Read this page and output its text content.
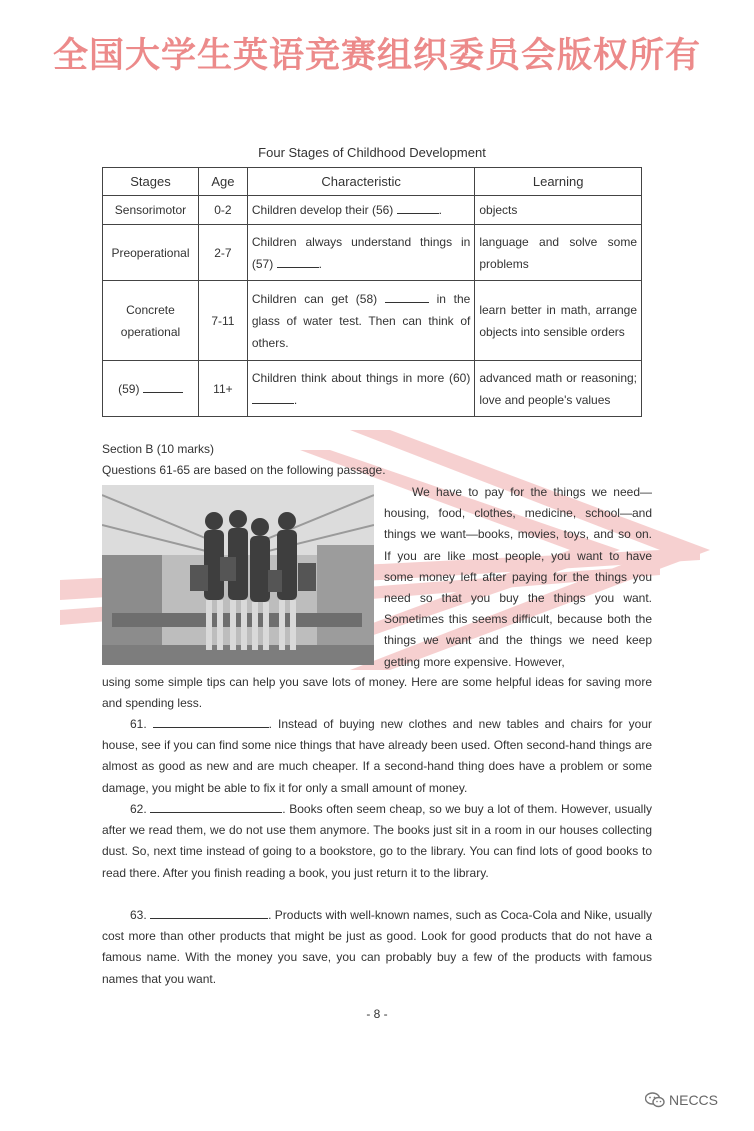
全国大学生英语竞赛组织委员会版权所有
Four Stages of Childhood Development
Stages	Age	Characteristic	Learning
Sensorimotor	0-2	Children develop their (56) .	objects
Preoperational	2-7	Children always understand things in (57) .	language and solve some problems
Concrete operational	7-11	Children can get (58) in the glass of water test. Then can think of others.	learn better in math, arrange objects into sensible orders
(59)	11+	Children think about things in more (60) .	advanced math or reasoning; love and people's values
Section B (10 marks)
Questions 61-65 are based on the following passage.
We have to pay for the things we need—housing, food, clothes, medicine, school—and things we want—books, movies, toys, and so on. If you are like most people, you want to have some money left after paying for the things you need so that you buy the things you want. Sometimes this seems difficult, because both the things we want and the things we need keep getting more expensive. However,
using some simple tips can help you save lots of money. Here are some helpful ideas for saving more and spending less.
61.	. Instead of buying new clothes and new tables and chairs for your house, see if you can find some nice things that have already been used. Often second-hand things are almost as good as new and are much cheaper. If a second-hand thing does have a problem or some damage, you might be able to fix it for only a small amount of money.
62.	. Books often seem cheap, so we buy a lot of them. However, usually after we read them, we do not use them anymore. The books just sit in a room in our houses collecting dust. So, next time instead of going to a bookstore, go to the library. You can find lots of good books to read there. After you finish reading a book, you just return it to the library.
63.	. Products with well-known names, such as Coca-Cola and Nike, usually cost more than other products that might be just as good. Look for good products that do not have a famous name. With the money you save, you can probably buy a few of the products with famous names that you want.
- 8 -
NECCS
